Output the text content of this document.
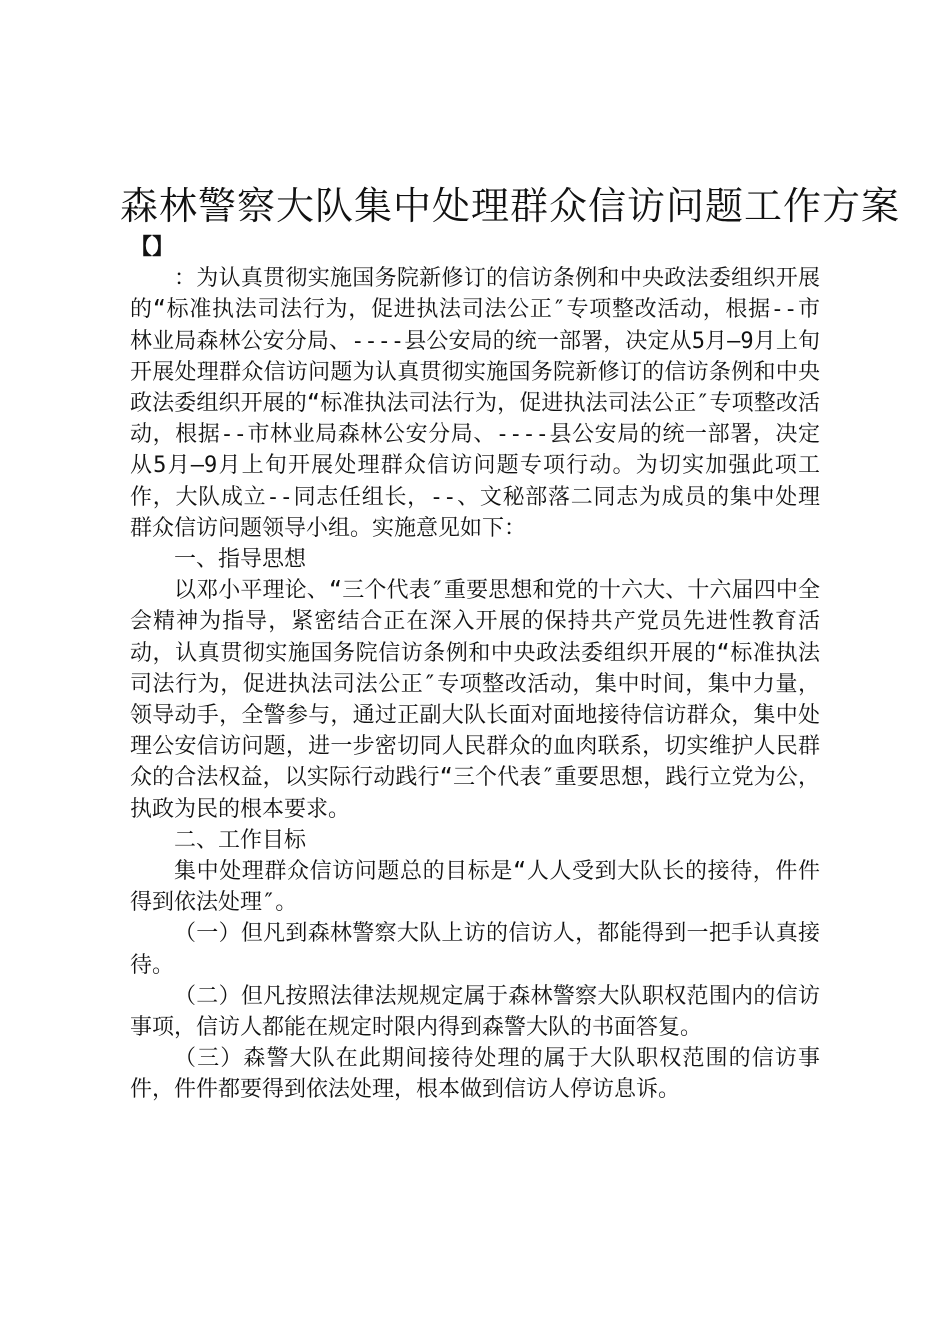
森林警察大队集中处理群众信访问题工作方案

【】

：为认真贯彻实施国务院新修订的信访条例和中央政法委组织开展的“标准执法司法行为，促进执法司法公正″专项整改活动，根据--市林业局森林公安分局、----县公安局的统一部署，决定从5月—9月上旬开展处理群众信访问题为认真贯彻实施国务院新修订的信访条例和中央政法委组织开展的“标准执法司法行为，促进执法司法公正″专项整改活动，根据--市林业局森林公安分局、----县公安局的统一部署，决定从5月—9月上旬开展处理群众信访问题专项行动。为切实加强此项工作，大队成立--同志任组长，--、文秘部落二同志为成员的集中处理群众信访问题领导小组。实施意见如下：

一、指导思想

以邓小平理论、“三个代表″重要思想和党的十六大、十六届四中全会精神为指导，紧密结合正在深入开展的保持共产党员先进性教育活动，认真贯彻实施国务院信访条例和中央政法委组织开展的“标准执法司法行为，促进执法司法公正″专项整改活动，集中时间，集中力量，领导动手，全警参与，通过正副大队长面对面地接待信访群众，集中处理公安信访问题，进一步密切同人民群众的血肉联系，切实维护人民群众的合法权益，以实际行动践行“三个代表″重要思想，践行立党为公，执政为民的根本要求。

二、工作目标

集中处理群众信访问题总的目标是“人人受到大队长的接待，件件得到依法处理″。

（一）但凡到森林警察大队上访的信访人，都能得到一把手认真接待。

（二）但凡按照法律法规规定属于森林警察大队职权范围内的信访事项，信访人都能在规定时限内得到森警大队的书面答复。

（三）森警大队在此期间接待处理的属于大队职权范围的信访事件，件件都要得到依法处理，根本做到信访人停访息诉。
